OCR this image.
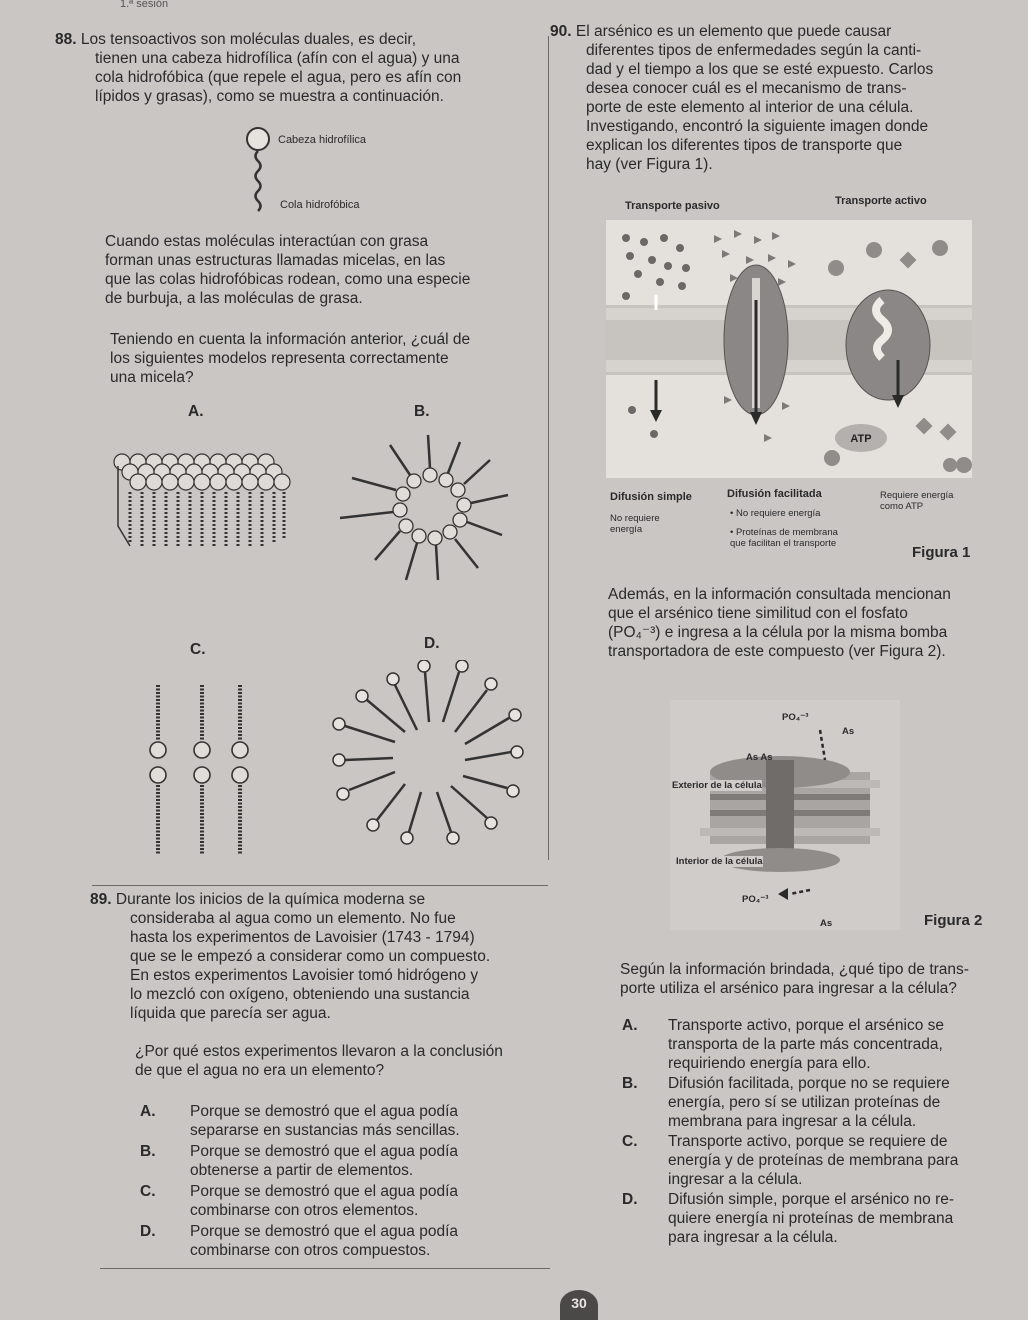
1.ª sesión
88. Los tensoactivos son moléculas duales, es decir,
tienen una cabeza hidrofílica (afín con el agua) y una
cola hidrofóbica (que repele el agua, pero es afín con
lípidos y grasas), como se muestra a continuación.
Cabeza hidrofílica
Cola hidrofóbica
Cuando estas moléculas interactúan con grasa
forman unas estructuras llamadas micelas, en las
que las colas hidrofóbicas rodean, como una especie
de burbuja, a las moléculas de grasa.
Teniendo en cuenta la información anterior, ¿cuál de
los siguientes modelos representa correctamente
una micela?
A.	B.
C.	D.
89. Durante los inicios de la química moderna se
consideraba al agua como un elemento. No fue
hasta los experimentos de Lavoisier (1743 - 1794)
que se le empezó a considerar como un compuesto.
En estos experimentos Lavoisier tomó hidrógeno y
lo mezcló con oxígeno, obteniendo una sustancia
líquida que parecía ser agua.
¿Por qué estos experimentos llevaron a la conclusión
de que el agua no era un elemento?
A. Porque se demostró que el agua podía
separarse en sustancias más sencillas.
B. Porque se demostró que el agua podía
obtenerse a partir de elementos.
C. Porque se demostró que el agua podía
combinarse con otros elementos.
D. Porque se demostró que el agua podía
combinarse con otros compuestos.
90. El arsénico es un elemento que puede causar
diferentes tipos de enfermedades según la canti-
dad y el tiempo a los que se esté expuesto. Carlos
desea conocer cuál es el mecanismo de trans-
porte de este elemento al interior de una célula.
Investigando, encontró la siguiente imagen donde
explican los diferentes tipos de transporte que
hay (ver Figura 1).
Transporte pasivo	Transporte activo
ATP
Difusión simple
No requiere
energía
Difusión facilitada
• No requiere energía
• Proteínas de membrana
que facilitan el transporte
Requiere energía
como ATP
Figura 1
Además, en la información consultada mencionan
que el arsénico tiene similitud con el fosfato
(PO₄⁻³) e ingresa a la célula por la misma bomba
transportadora de este compuesto (ver Figura 2).
PO₄⁻³
As
As As
Exterior de la célula
Interior de la célula
PO₄⁻³
As	Figura 2
Según la información brindada, ¿qué tipo de trans-
porte utiliza el arsénico para ingresar a la célula?
A. Transporte activo, porque el arsénico se
transporta de la parte más concentrada,
requiriendo energía para ello.
B. Difusión facilitada, porque no se requiere
energía, pero sí se utilizan proteínas de
membrana para ingresar a la célula.
C. Transporte activo, porque se requiere de
energía y de proteínas de membrana para
ingresar a la célula.
D. Difusión simple, porque el arsénico no re-
quiere energía ni proteínas de membrana
para ingresar a la célula.
30
